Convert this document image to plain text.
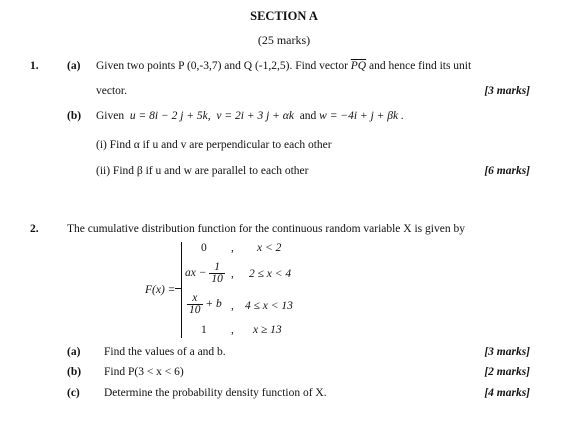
SECTION A
(25 marks)
1. (a) Given two points P (0,-3,7) and Q (-1,2,5). Find vector $\overline{PQ}$ and hence find its unit
vector.	[3 marks]
(b) Given u = 8i − 2 j + 5k, v = 2i + 3 j + αk and w = −4i + j + βk .
(i) Find α if u and v are perpendicular to each other
(ii) Find β if u and w are parallel to each other	[6 marks]
2. The cumulative distribution function for the continuous random variable X is given by
F(x) =
0 , x < 2
ax − $\frac{1}{10}$ , 2 ≤ x < 4
$\frac{x}{10} + b$ , 4 ≤ x < 13
1 , x ≥ 13
(a) Find the values of a and b.	[3 marks]
(b) Find P(3 < x < 6)	[2 marks]
(c) Determine the probability density function of X.	[4 marks]
